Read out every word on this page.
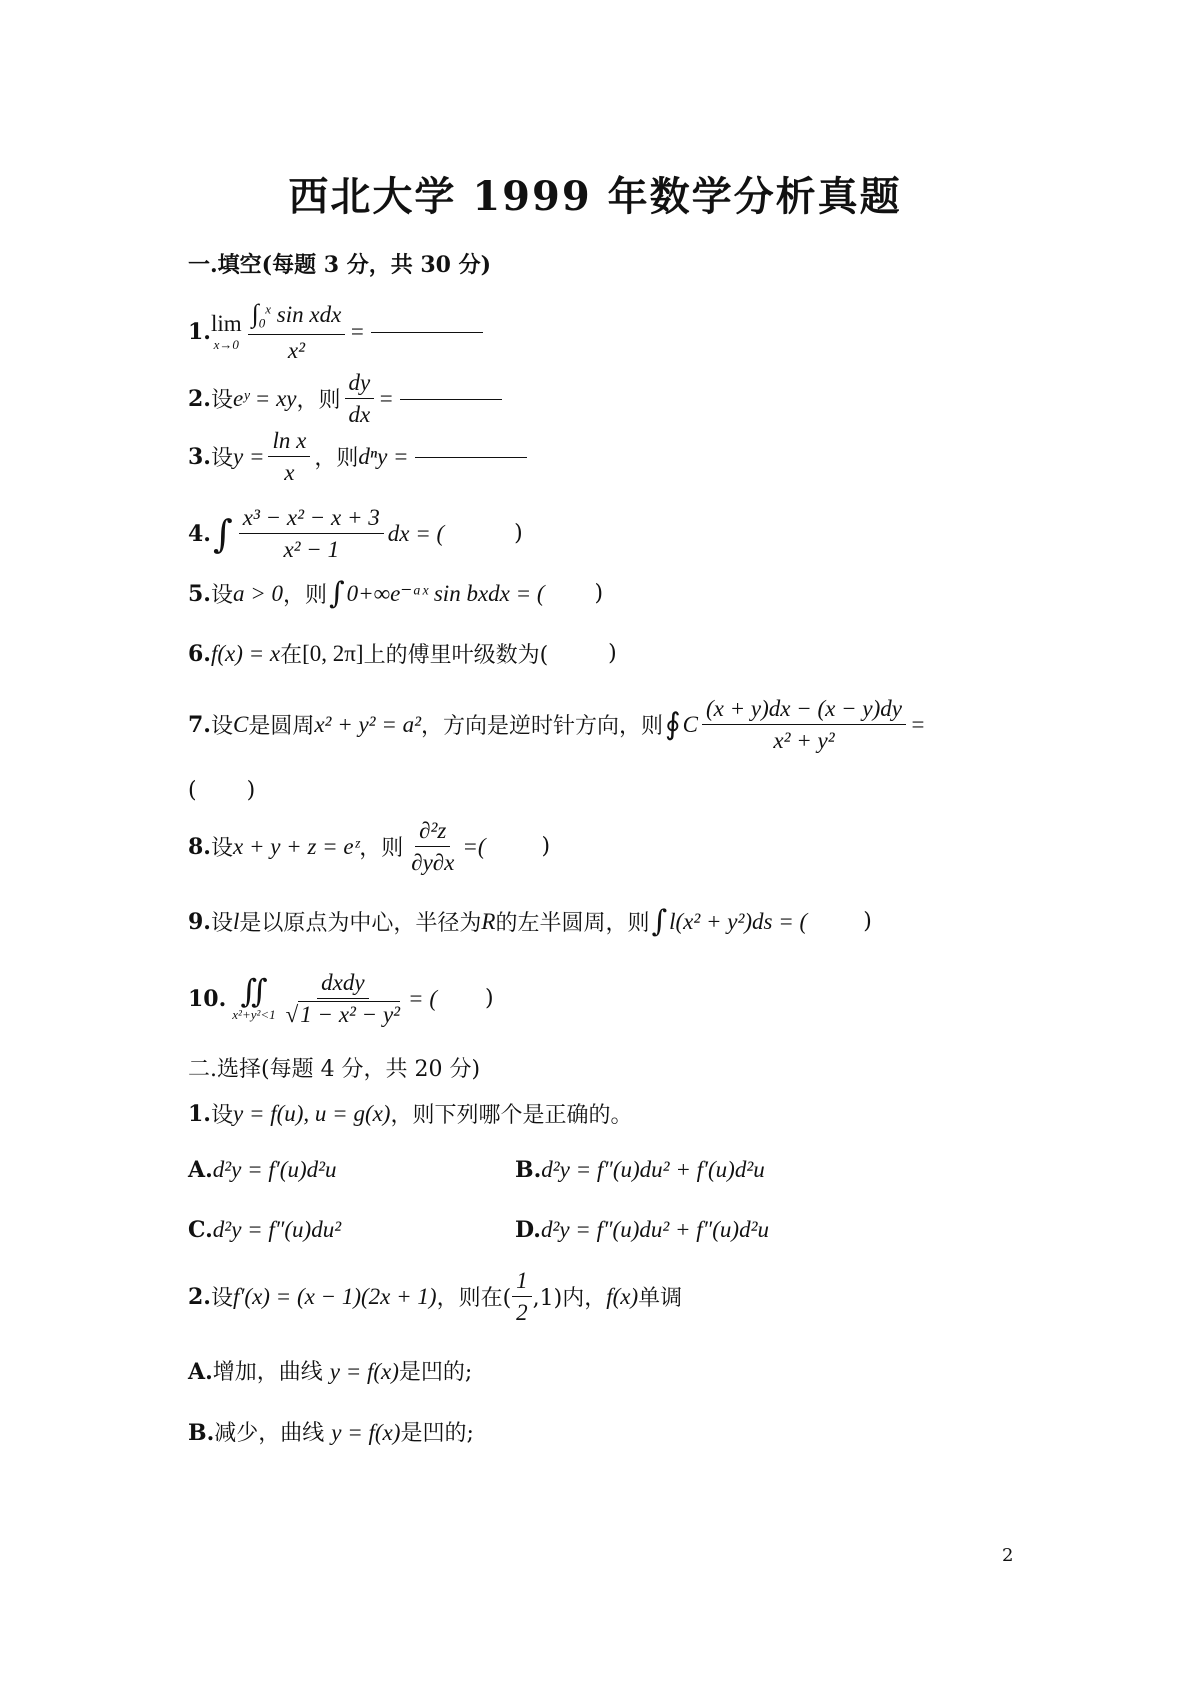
西北大学 1999 年数学分析真题
一.填空(每题 3 分，共 30 分)
1. lim
$x\to 0 \frac{\int_0^x \sin xdx}{\text{x²}}$ =
2. 设 eʸ = xy ，则 $\frac{dy}{dx}$ =
3. 设 $y = \frac{\text{ln x}}{x}$ ，则 dⁿy =
4. ∫ $\frac{\text{x³ − x² − x + 3}}{\text{x² − 1}}$ dx = (	)
5. 设 a > 0 ，则 ∫ 0 +∞ e⁻ᵃˣ sin bxdx = ( )
6. f(x) = x 在 [0, 2π] 上的傅里叶级数为(	)
7. 设 C 是圆周 x² + y² = a² ，方向是逆时针方向，则 ∮ C $\frac{(x + y)dx - (x - y)dy}{\text{x² + y²}}$ =
( )
8. 设 x + y + z = eᶻ ，则 $\frac{\text{∂²z}}{\partial y\partial x}$ =(	)
9. 设 l 是以原点为中心，半径为 R 的左半圆周，则 ∫ l (x² + y²)ds = (	)
10. ∬
$x^2+y^2<1 \frac{\text{dxdy}}{\text{√1 − x² − y²}}$ = ( )
二.选择(每题 4 分，共 20 分)
1. 设 y = f(u), u = g(x) ，则下列哪个是正确的。
A.d²y = f′(u)d²u	B.d²y = f″(u)du² + f′(u)d²u
C.d²y = f″(u)du²	D.d²y = f″(u)du² + f″(u)d²u
2. 设 f′(x) = (x − 1)(2x + 1) ，则在( $\frac{1}{2} ,1$)内， f(x) 单调
A.增加，曲线 y = f(x)是凹的;
B.减少，曲线 y = f(x)是凹的;
2
